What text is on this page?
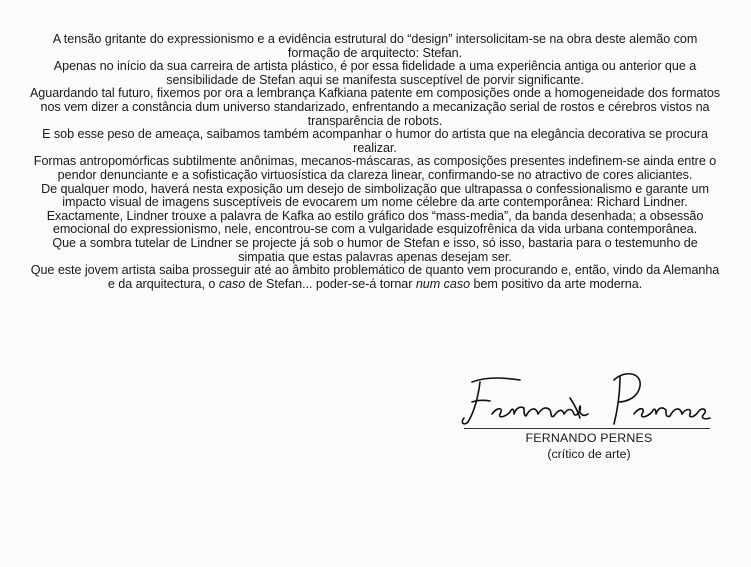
A tensão gritante do expressionismo e a evidência estrutural do “design” intersolicitam-se na obra deste alemão com formação de arquitecto: Stefan.

Apenas no início da sua carreira de artista plástico, é por essa fidelidade a uma experiência antiga ou anterior que a sensibilidade de Stefan aqui se manifesta susceptível de porvir significante.

Aguardando tal futuro, fixemos por ora a lembrança Kafkiana patente em composições onde a homogeneidade dos formatos nos vem dizer a constância dum universo standarizado, enfrentando a mecanização serial de rostos e cérebros vistos na transparência de robots.

E sob esse peso de ameaça, saibamos também acompanhar o humor do artista que na elegância decorativa se procura realizar.

Formas antropomórficas subtilmente anônimas, mecanos-máscaras, as composições presentes indefinem-se ainda entre o pendor denunciante e a sofisticação virtuosística da clareza linear, confirmando-se no atractivo de cores aliciantes.

De qualquer modo, haverá nesta exposição um desejo de simbolização que ultrapassa o confessionalismo e garante um impacto visual de imagens susceptíveis de evocarem um nome célebre da arte contemporânea: Richard Lindner.

Exactamente, Lindner trouxe a palavra de Kafka ao estilo gráfico dos “mass-media”, da banda desenhada; a obsessão emocional do expressionismo, nele, encontrou-se com a vulgaridade esquizofrênica da vida urbana contemporânea.

Que a sombra tutelar de Lindner se projecte já sob o humor de Stefan e isso, só isso, bastaria para o testemunho de simpatia que estas palavras apenas desejam ser.

Que este jovem artista saiba prosseguir até ao âmbito problemático de quanto vem procurando e, então, vindo da Alemanha e da arquitectura, o caso de Stefan... poder-se-á tornar num caso bem positivo da arte moderna.

FERNANDO PERNES
(crítico de arte)
